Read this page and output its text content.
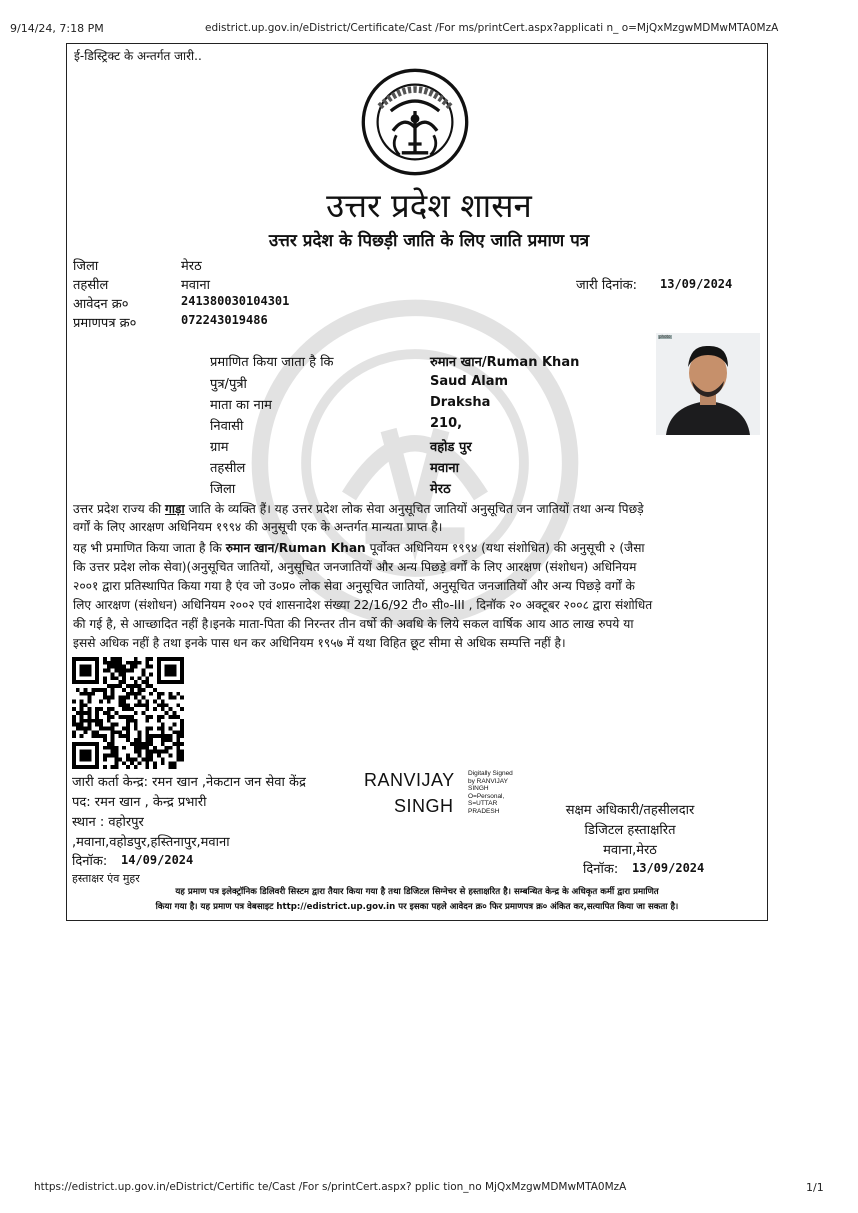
9/14/24, 7:18 PM	edistrict.up.gov.in/eDistrict/Certificate/Cast /For ms/printCert.aspx?applicati n_ o=MjQxMzgwMDMwMTA0MzA
ई-डिस्ट्रिक्ट के अन्तर्गत जारी..
उत्तर प्रदेश शासन
उत्तर प्रदेश के पिछड़ी जाति के लिए जाति प्रमाण पत्र
जिला	मेरठ
तहसील	मवाना
आवेदन क्र०	241380030104301
प्रमाणपत्र क्र०	072243019486
जारी दिनांक: 13/09/2024
प्रमाणित किया जाता है कि	रुमान खान/Ruman Khan
पुत्र/पुत्री	Saud Alam
माता का नाम	Draksha
निवासी	210,
ग्राम	वहोड पुर
तहसील	मवाना
जिला	मेरठ
photo
उत्तर प्रदेश राज्य की गाड़ा जाति के व्यक्ति हैं। यह उत्तर प्रदेश लोक सेवा अनुसूचित जातियों अनुसूचित जन जातियों तथा अन्य पिछड़े
वर्गों के लिए आरक्षण अधिनियम १९९४ की अनुसूची एक के अन्तर्गत मान्यता प्राप्त है।
यह भी प्रमाणित किया जाता है कि रुमान खान/Ruman Khan पूर्वोक्त अधिनियम १९९४ (यथा संशोधित) की अनुसूची २ (जैसा
कि उत्तर प्रदेश लोक सेवा)(अनुसूचित जातियों, अनुसूचित जनजातियों और अन्य पिछड़े वर्गों के लिए आरक्षण (संशोधन) अधिनियम
२००१ द्वारा प्रतिस्थापित किया गया है एंव जो उ०प्र० लोक सेवा अनुसूचित जातियों, अनुसूचित जनजातियों और अन्य पिछड़े वर्गों के
लिए आरक्षण (संशोधन) अधिनियम २००२ एवं शासनादेश संख्या 22/16/92 टी० सी०-III , दिनॉक २० अक्टूबर २००८ द्वारा संशोधित
की गई है, से आच्छादित नहीं है।इनके माता-पिता की निरन्तर तीन वर्षो की अवधि के लिये सकल वार्षिक आय आठ लाख रुपये या
इससे अधिक नहीं है तथा इनके पास धन कर अधिनियम १९५७ में यथा विहित छूट सीमा से अधिक सम्पत्ति नहीं है।
जारी कर्ता केन्द्र: रमन खान ,नेकटान जन सेवा केंद्र
पद: रमन खान , केन्द्र प्रभारी
स्थान : वहोरपुर
,मवाना,वहोडपुर,हस्तिनापुर,मवाना
दिनॉक: 14/09/2024
हस्ताक्षर एंव मुहर
RANVIJAY
SINGH
Digitally Signed
by RANVIJAY
SINGH
O=Personal,
S=UTTAR
PRADESH	सक्षम अधिकारी/तहसीलदार
डिजिटल हस्ताक्षरित
मवाना,मेरठ
दिनॉक: 13/09/2024
यह प्रमाण पत्र इलेक्ट्रॉनिक डिलिवरी सिस्टम द्वारा तैयार किया गया है तथा डिजिटल सिग्नेचर से हस्ताक्षरित है। सम्बन्धित केन्द्र के अधिकृत कर्मी द्वारा प्रमाणित
किया गया है। यह प्रमाण पत्र वेबसाइट http://edistrict.up.gov.in पर इसका पहले आवेदन क्र० फिर प्रमाणपत्र क्र० अंकित कर,सत्यापित किया जा सकता है।
https://edistrict.up.gov.in/eDistrict/Certific te/Cast /For s/printCert.aspx? pplic tion_no MjQxMzgwMDMwMTA0MzA	1/1
